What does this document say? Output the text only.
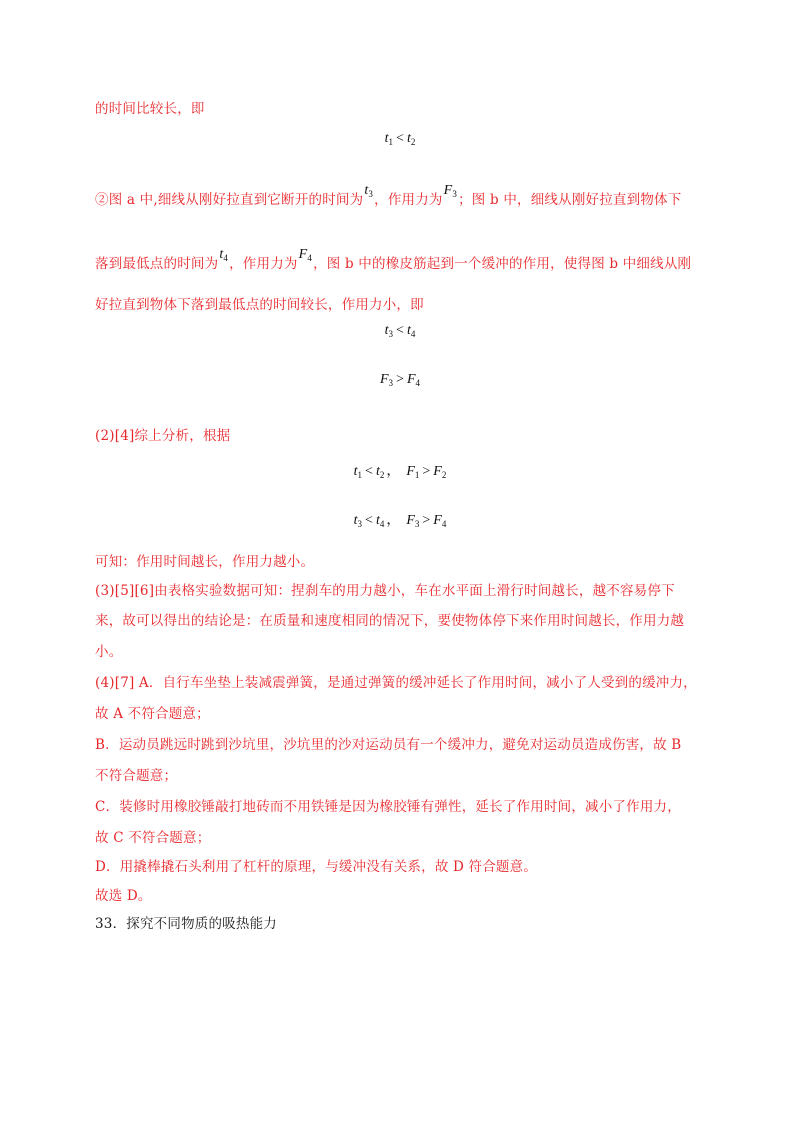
的时间比较长，即
$t_1 < t_2$
②图 a 中,细线从刚好拉直到它断开的时间为$t_3$，作用力为$F_3$；图 b 中，细线从刚好拉直到物体下
落到最低点的时间为$t_4$，作用力为$F_4$，图 b 中的橡皮筋起到一个缓冲的作用，使得图 b 中细线从刚
好拉直到物体下落到最低点的时间较长，作用力小，即
$t_3 < t_4$
$F_3 > F_4$
(2)[4]综上分析，根据
$t_1 < t_2$ ， $F_1 > F_2$
$t_3 < t_4$ ， $F_3 > F_4$
可知：作用时间越长，作用力越小。
(3)[5][6]由表格实验数据可知：捏刹车的用力越小，车在水平面上滑行时间越长，越不容易停下
来，故可以得出的结论是：在质量和速度相同的情况下，要使物体停下来作用时间越长，作用力越
小。
(4)[7] A．自行车坐垫上装减震弹簧，是通过弹簧的缓冲延长了作用时间，减小了人受到的缓冲力，
故 A 不符合题意；
B．运动员跳远时跳到沙坑里，沙坑里的沙对运动员有一个缓冲力，避免对运动员造成伤害，故 B
不符合题意；
C．装修时用橡胶锤敲打地砖而不用铁锤是因为橡胶锤有弹性，延长了作用时间，减小了作用力，
故 C 不符合题意；
D．用撬棒撬石头利用了杠杆的原理，与缓冲没有关系，故 D 符合题意。
故选 D。
33．探究不同物质的吸热能力
